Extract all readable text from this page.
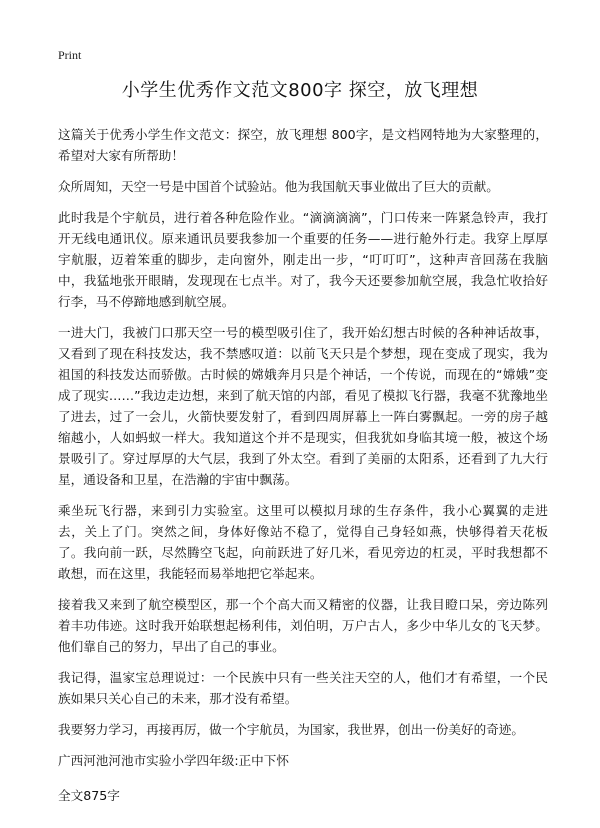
Print
小学生优秀作文范文800字 探空，放飞理想

这篇关于优秀小学生作文范文：探空，放飞理想 800字，是文档网特地为大家整理的，希望对大家有所帮助！

众所周知，天空一号是中国首个试验站。他为我国航天事业做出了巨大的贡献。

此时我是个宇航员，进行着各种危险作业。“滴滴滴滴”，门口传来一阵紧急铃声，我打开无线电通讯仪。原来通讯员要我参加一个重要的任务——进行舱外行走。我穿上厚厚宇航服，迈着笨重的脚步，走向窗外，刚走出一步，“叮叮叮”，这种声音回荡在我脑中，我猛地张开眼睛，发现现在七点半。对了，我今天还要参加航空展，我急忙收拾好行李，马不停蹄地感到航空展。

一进大门，我被门口那天空一号的模型吸引住了，我开始幻想古时候的各种神话故事，又看到了现在科技发达，我不禁感叹道：以前飞天只是个梦想，现在变成了现实，我为祖国的科技发达而骄傲。古时候的嫦娥奔月只是个神话，一个传说，而现在的“嫦娥”变成了现实……”我边走边想，来到了航天馆的内部，看见了模拟飞行器，我毫不犹豫地坐了进去，过了一会儿，火箭快要发射了，看到四周屏幕上一阵白雾飘起。一旁的房子越缩越小，人如蚂蚁一样大。我知道这个并不是现实，但我犹如身临其境一般，被这个场景吸引了。穿过厚厚的大气层，我到了外太空。看到了美丽的太阳系，还看到了九大行星，通设备和卫星，在浩瀚的宇宙中飘荡。

乘坐玩飞行器，来到引力实验室。这里可以模拟月球的生存条件，我小心翼翼的走进去，关上了门。突然之间，身体好像站不稳了，觉得自己身轻如燕，快够得着天花板了。我向前一跃，尽然腾空飞起，向前跃进了好几米，看见旁边的杠灵，平时我想都不敢想，而在这里，我能轻而易举地把它举起来。

接着我又来到了航空模型区，那一个个高大而又精密的仪器，让我目瞪口呆，旁边陈列着丰功伟迹。这时我开始联想起杨利伟，刘伯明，万户古人，多少中华儿女的飞天梦。他们靠自己的努力，早出了自己的事业。

我记得，温家宝总理说过：一个民族中只有一些关注天空的人，他们才有希望，一个民族如果只关心自己的未来，那才没有希望。

我要努力学习，再接再厉，做一个宇航员，为国家，我世界，创出一份美好的奇迹。

广西河池河池市实验小学四年级:正中下怀
全文875字
